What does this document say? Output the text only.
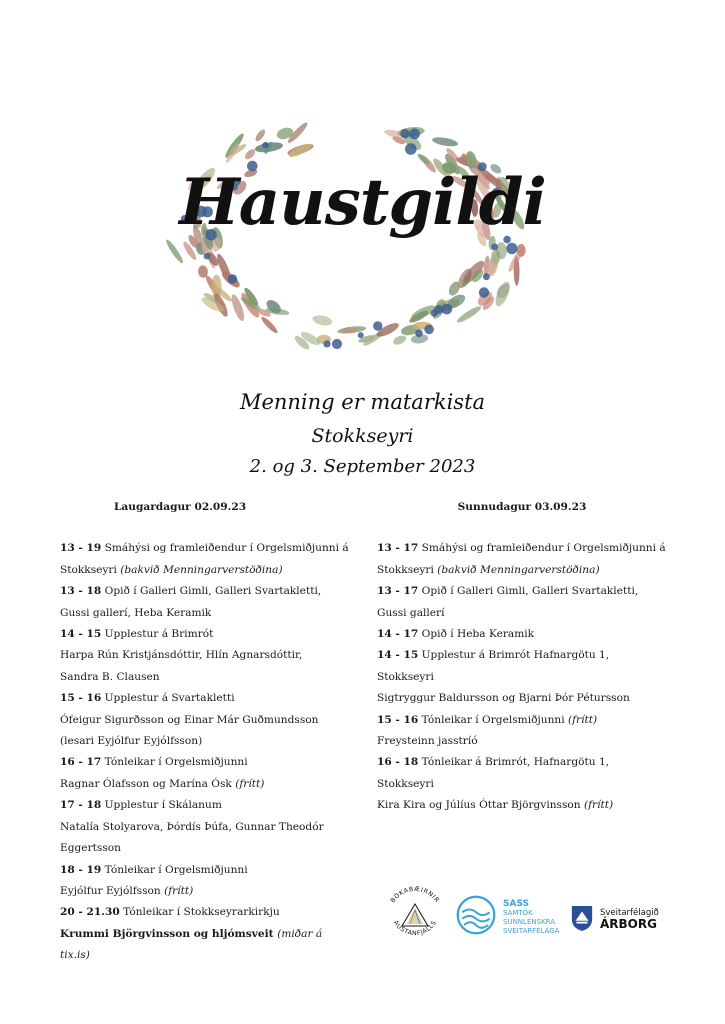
Haustgildi
Menning er matarkista
Stokkseyri
2. og 3. September 2023
Laugardagur 02.09.23

13 - 19 Smáhýsi og framleiðendur í Orgelsmiðjunni á Stokkseyri (bakvið Menningarverstöðina)

13 - 18 Opið í Galleri Gimli, Galleri Svartakletti, Gussi gallerí, Heba Keramik

14 - 15 Upplestur á Brimrót

Harpa Rún Kristjánsdóttir, Hlín Agnarsdóttir,

Sandra B. Clausen

15 - 16 Upplestur á Svartakletti

Ófeigur Sigurðsson og Einar Már Guðmundsson

(lesari Eyjólfur Eyjólfsson)

16 - 17 Tónleikar í Orgelsmiðjunni

Ragnar Ólafsson og Marína Ósk (frítt)

17 - 18 Upplestur í Skálanum

Natalía Stolyarova, Þórdís Þúfa, Gunnar Theodór Eggertsson

18 - 19 Tónleikar í Orgelsmiðjunni

Eyjólfur Eyjólfsson (frítt)

20 - 21.30 Tónleikar í Stokkseyrarkirkju

Krummi Björgvinsson og hljómsveit (miðar á tix.is)

Sunnudagur 03.09.23

13 - 17 Smáhýsi og framleiðendur í Orgelsmiðjunni á Stokkseyri (bakvið Menningarverstöðina)

13 - 17 Opið í Galleri Gimli, Galleri Svartakletti, Gussi gallerí

14 - 17 Opið í Heba Keramik

14 - 15 Upplestur á Brimrót Hafnargötu 1, Stokkseyri

Sigtryggur Baldursson og Bjarni Þór Pétursson

15 - 16 Tónleikar í Orgelsmiðjunni (frítt)

Freysteinn jasstríó

16 - 18 Tónleikar á Brimrót, Hafnargötu 1, Stokkseyri

Kira Kira og Júlíus Óttar Björgvinsson (frítt)

BÓKABÆIRNIR
AUSTANFJALLS
SASS
SAMTÖK
SUNNLENSKRA
SVEITARFÉLAGA
Sveitarfélagið
ÁRBORG
